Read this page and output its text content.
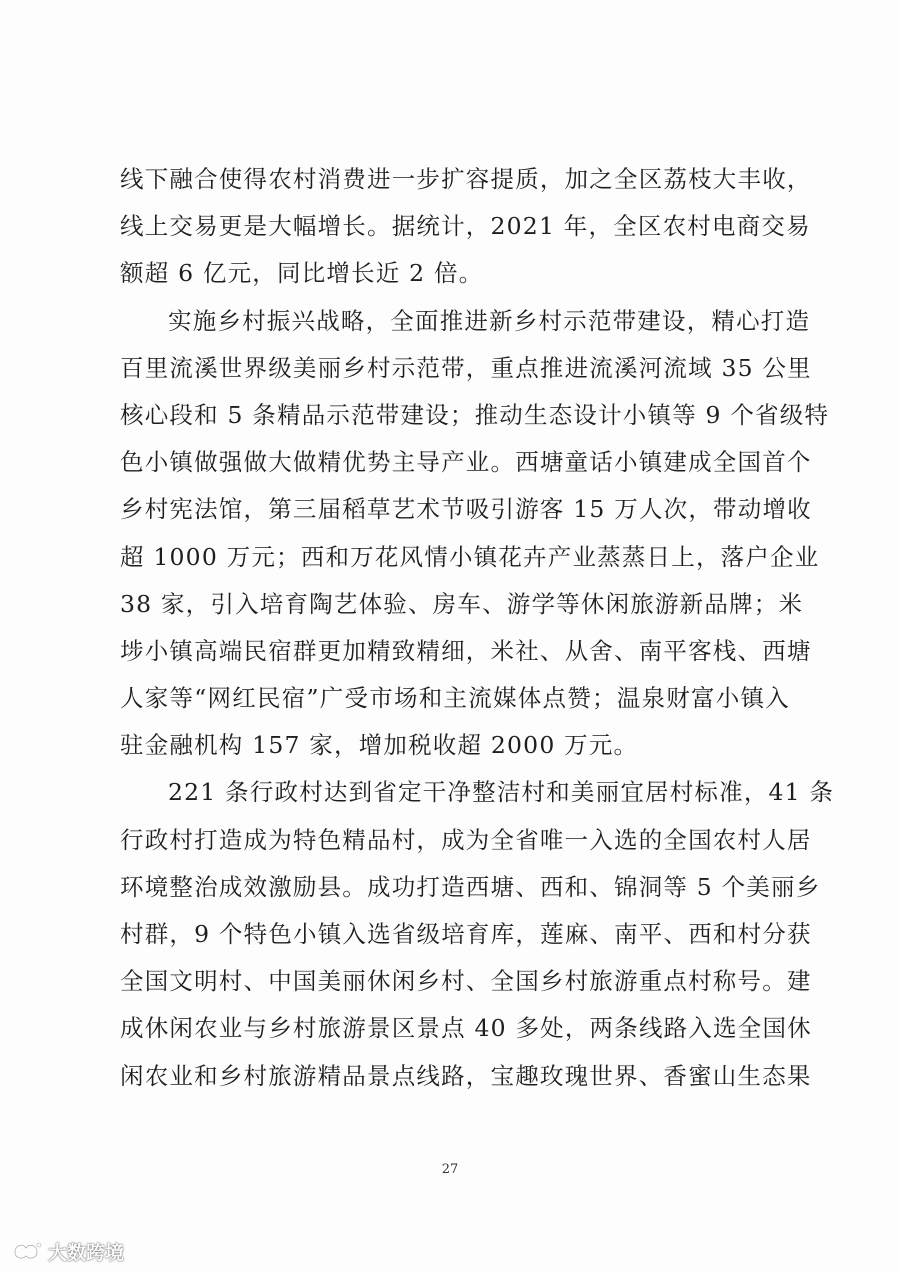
线下融合使得农村消费进一步扩容提质，加之全区荔枝大丰收，
线上交易更是大幅增长。据统计，2021 年，全区农村电商交易
额超 6 亿元，同比增长近 2 倍。
实施乡村振兴战略，全面推进新乡村示范带建设，精心打造
百里流溪世界级美丽乡村示范带，重点推进流溪河流域 35 公里
核心段和 5 条精品示范带建设；推动生态设计小镇等 9 个省级特
色小镇做强做大做精优势主导产业。西塘童话小镇建成全国首个
乡村宪法馆，第三届稻草艺术节吸引游客 15 万人次，带动增收
超 1000 万元；西和万花风情小镇花卉产业蒸蒸日上，落户企业
38 家，引入培育陶艺体验、房车、游学等休闲旅游新品牌；米
埗小镇高端民宿群更加精致精细，米社、从舍、南平客栈、西塘
人家等“网红民宿”广受市场和主流媒体点赞；温泉财富小镇入
驻金融机构 157 家，增加税收超 2000 万元。
221 条行政村达到省定干净整洁村和美丽宜居村标准，41 条
行政村打造成为特色精品村，成为全省唯一入选的全国农村人居
环境整治成效激励县。成功打造西塘、西和、锦洞等 5 个美丽乡
村群，9 个特色小镇入选省级培育库，莲麻、南平、西和村分获
全国文明村、中国美丽休闲乡村、全国乡村旅游重点村称号。建
成休闲农业与乡村旅游景区景点 40 多处，两条线路入选全国休
闲农业和乡村旅游精品景点线路，宝趣玫瑰世界、香蜜山生态果
27
大数跨境
